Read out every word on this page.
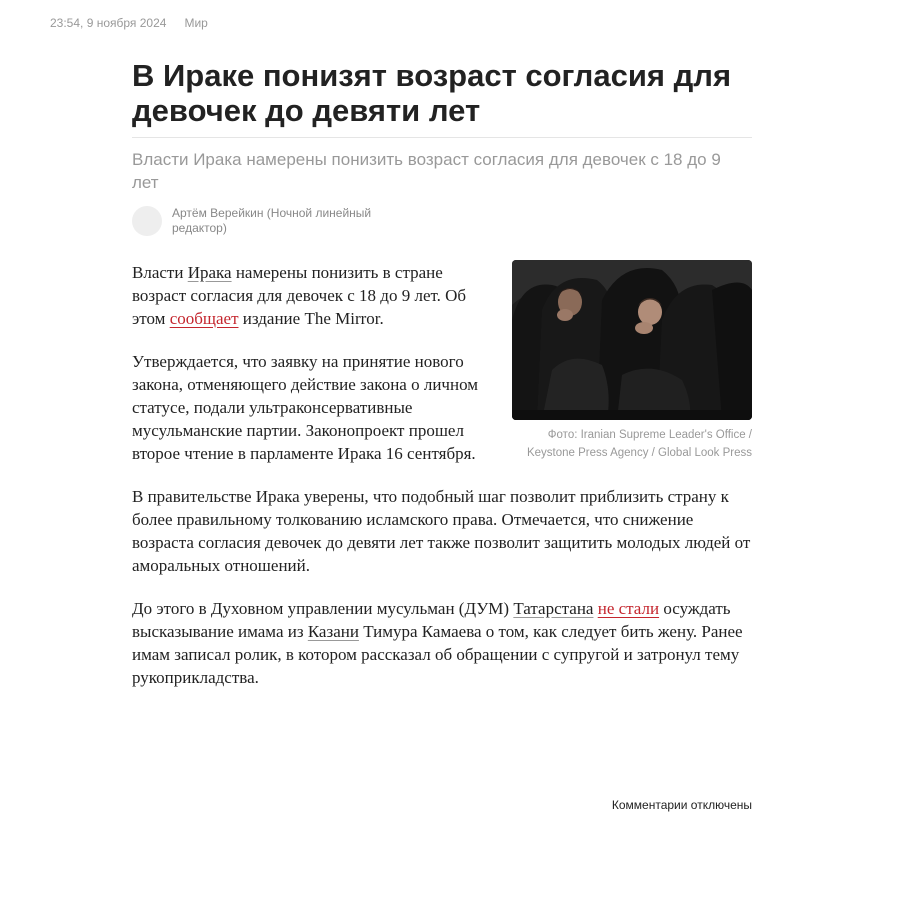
23:54, 9 ноября 2024 Мир
В Ираке понизят возраст согласия для девочек до девяти лет
Власти Ирака намерены понизить возраст согласия для девочек с 18 до 9 лет
Артём Верейкин (Ночной линейный редактор)
Фото: Iranian Supreme Leader's Office / Keystone Press Agency / Global Look Press

Власти Ирака намерены понизить в стране возраст согласия для девочек с 18 до 9 лет. Об этом сообщает издание The Mirror.

Утверждается, что заявку на принятие нового закона, отменяющего действие закона о личном статусе, подали ультраконсервативные мусульманские партии. Законопроект прошел второе чтение в парламенте Ирака 16 сентября.

В правительстве Ирака уверены, что подобный шаг позволит приблизить страну к более правильному толкованию исламского права. Отмечается, что снижение возраста согласия девочек до девяти лет также позволит защитить молодых людей от аморальных отношений.

До этого в Духовном управлении мусульман (ДУМ) Татарстана не стали осуждать высказывание имама из Казани Тимура Камаева о том, как следует бить жену. Ранее имам записал ролик, в котором рассказал об обращении с супругой и затронул тему рукоприкладства.

Комментарии отключены
